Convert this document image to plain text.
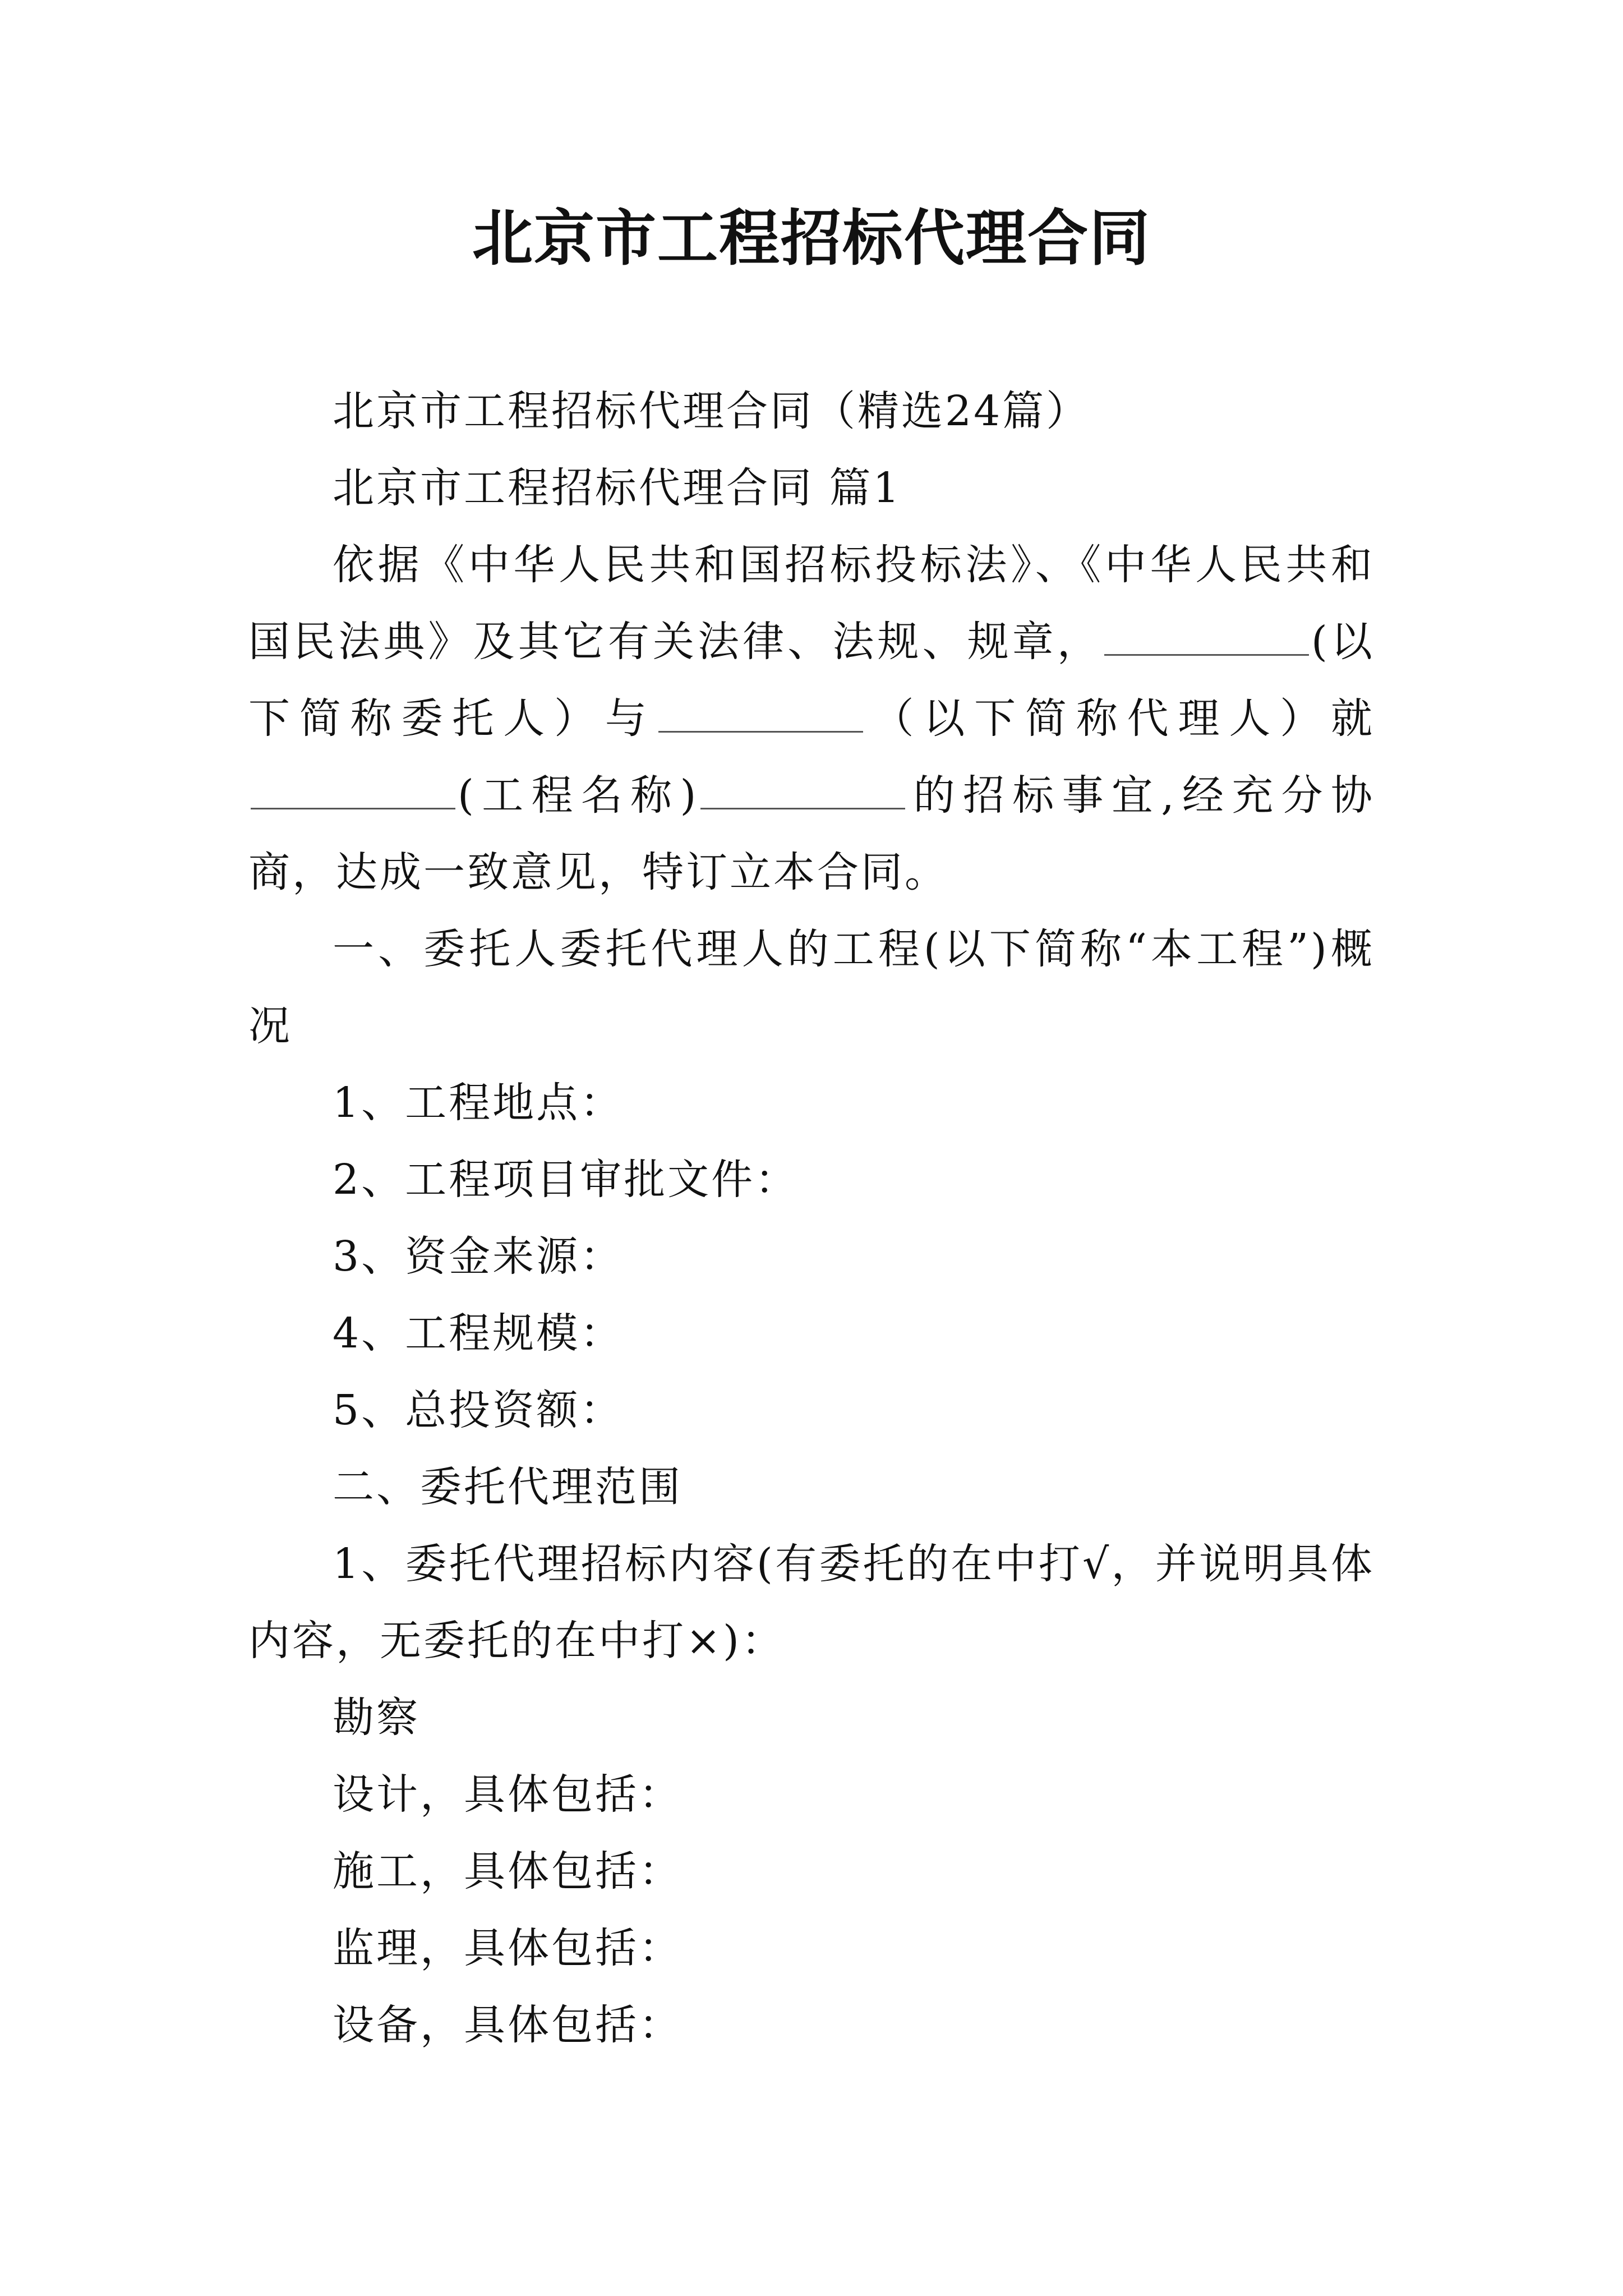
北京市工程招标代理合同

北京市工程招标代理合同（精选24篇）

北京市工程招标代理合同 篇1

依据《中华人民共和国招标投标法》、《中华人民共和国民法典》及其它有关法律、法规、规章，	(以下简称委托人）与	（以下简称代理人）就(工程名称)	的招标事宜,经充分协商，达成一致意见，特订立本合同。

一、委托人委托代理人的工程(以下简称“本工程”)概况

1、工程地点：

2、工程项目审批文件：

3、资金来源：

4、工程规模：

5、总投资额：

二、委托代理范围

1、委托代理招标内容(有委托的在中打√，并说明具体内容，无委托的在中打×)：

勘察

设计，具体包括：

施工，具体包括：

监理，具体包括：

设备，具体包括：
